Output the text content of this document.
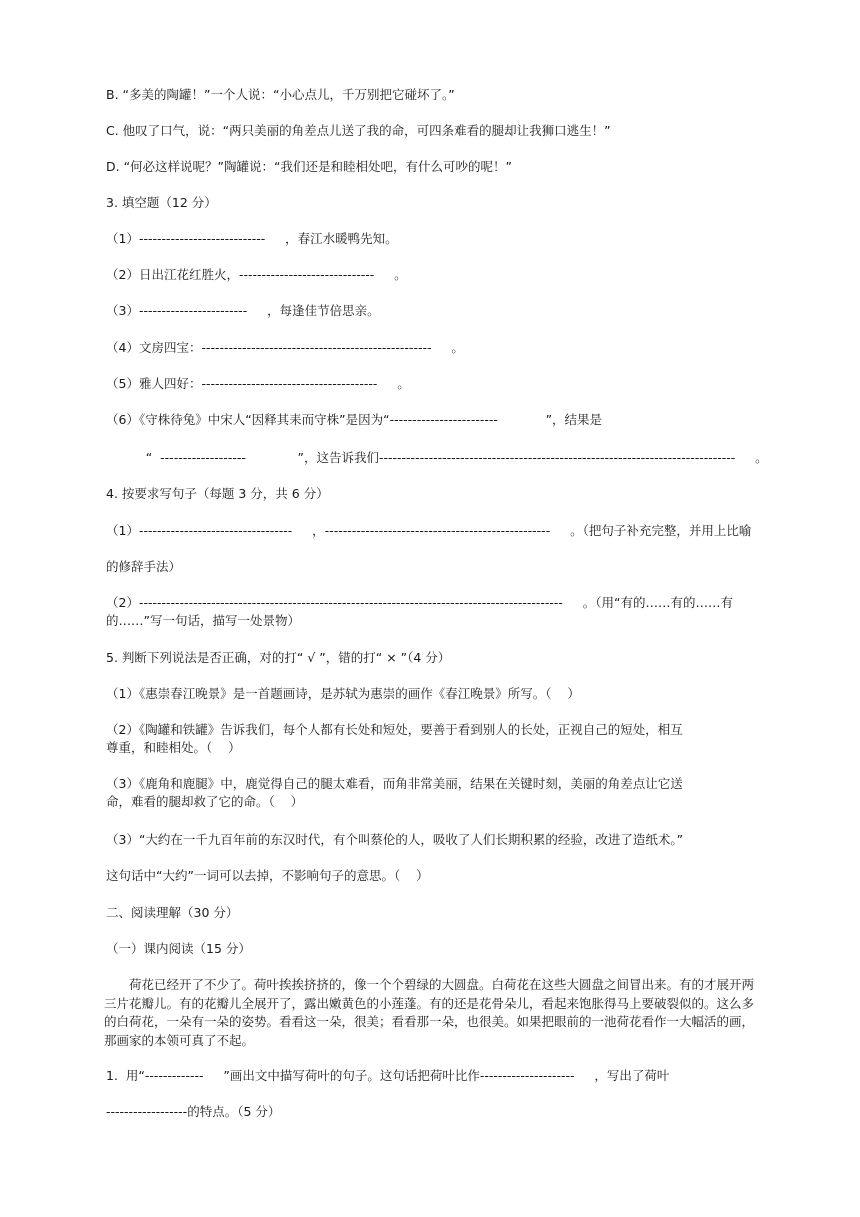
B. “多美的陶罐！”一个人说：“小心点儿，千万别把它碰坏了。”
C. 他叹了口气，说：“两只美丽的角差点儿送了我的命，可四条难看的腿却让我狮口逃生！”
D. “何必这样说呢？”陶罐说：“我们还是和睦相处吧，有什么可吵的呢！”
3. 填空题（12 分）
（1）----------------------------     ，春江水暖鸭先知。
（2）日出江花红胜火，------------------------------     。
（3）------------------------     ，每逢佳节倍思亲。
（4）文房四宝：---------------------------------------------------     。
（5）雅人四好：---------------------------------------     。
（6）《守株待兔》中宋人“因释其耒而守株”是因为“------------------------            ”，结果是
“  -------------------             ”，这告诉我们-------------------------------------------------------------------------------     。
4. 按要求写句子（每题 3 分，共 6 分）
（1）----------------------------------     ，--------------------------------------------------     。（把句子补充完整，并用上比喻
的修辞手法）
（2）----------------------------------------------------------------------------------------------     。（用“有的……有的……有
的……”写一句话，描写一处景物）
5. 判断下列说法是否正确，对的打“ √ ”，错的打“ × ”（4 分）
（1）《惠崇春江晚景》是一首题画诗，是苏轼为惠崇的画作《春江晚景》所写。（    ）
（2）《陶罐和铁罐》告诉我们，每个人都有长处和短处，要善于看到别人的长处，正视自己的短处，相互
尊重，和睦相处。（    ）
（3）《鹿角和鹿腿》中，鹿觉得自己的腿太难看，而角非常美丽，结果在关键时刻，美丽的角差点让它送
命，难看的腿却救了它的命。（    ）
（3）“大约在一千九百年前的东汉时代，有个叫蔡伦的人，吸收了人们长期积累的经验，改进了造纸术。”
这句话中“大约”一词可以去掉，不影响句子的意思。（    ）
二、阅读理解（30 分）
（一）课内阅读（15 分）
荷花已经开了不少了。荷叶挨挨挤挤的，像一个个碧绿的大圆盘。白荷花在这些大圆盘之间冒出来。有的才展开两三片花瓣儿。有的花瓣儿全展开了，露出嫩黄色的小莲蓬。有的还是花骨朵儿，看起来饱胀得马上要破裂似的。这么多的白荷花，一朵有一朵的姿势。看看这一朵，很美；看看那一朵，也很美。如果把眼前的一池荷花看作一大幅活的画，那画家的本领可真了不起。
1.  用“-------------     ”画出文中描写荷叶的句子。这句话把荷叶比作---------------------     ，写出了荷叶
------------------的特点。（5 分）
